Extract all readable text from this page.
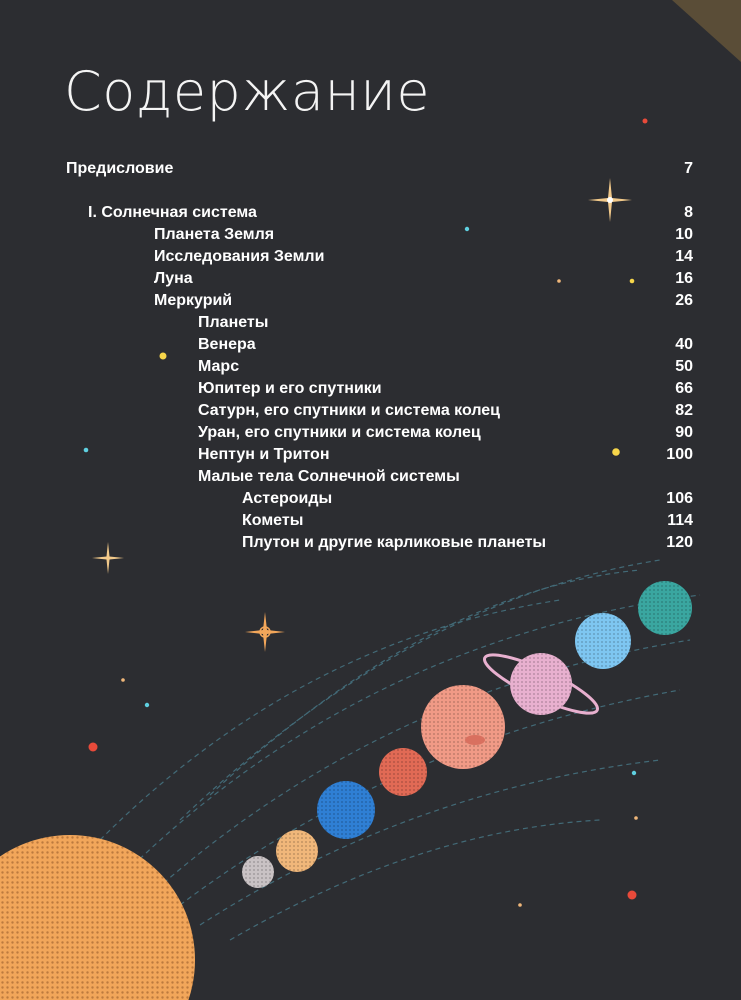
Содержание
Предисловие	7
I. Солнечная система	8
Планета Земля	10
Исследования Земли	14
Луна	16
Меркурий	26
Планеты
Венера	40
Марс	50
Юпитер и его спутники	66
Сатурн, его спутники и система колец	82
Уран, его спутники и система колец	90
Нептун и Тритон	100
Малые тела Солнечной системы
Астероиды	106
Кометы	114
Плутон и другие карликовые планеты	120
